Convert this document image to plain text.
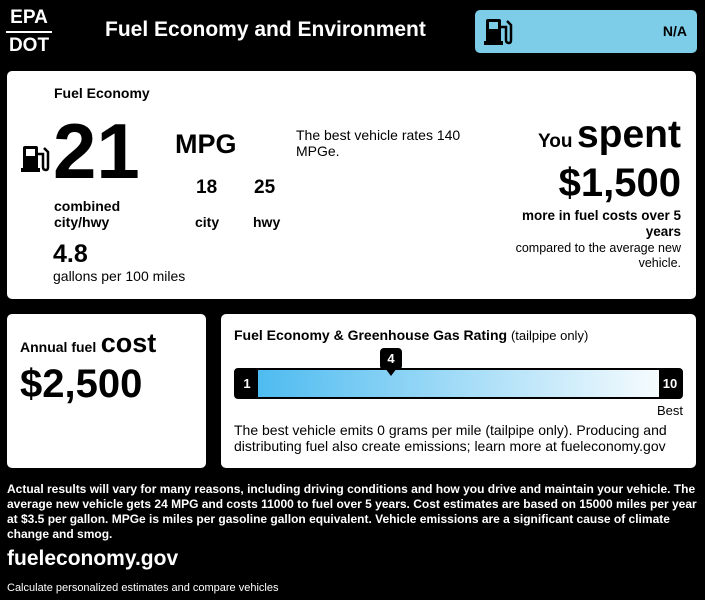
EPA
DOT
Fuel Economy and Environment	N/A
Fuel Economy
21 MPG
18 25
city hwy
combined city/hwy
4.8
gallons per 100 miles
The best vehicle rates 140 MPGe.	You spent
$1,500
more in fuel costs over 5 years
compared to the average new vehicle.
Annual fuel cost
$2,500
Fuel Economy & Greenhouse Gas Rating (tailpipe only)
1	10
4
Best
The best vehicle emits 0 grams per mile (tailpipe only). Producing and distributing fuel also create emissions; learn more at fueleconomy.gov
Actual results will vary for many reasons, including driving conditions and how you drive and maintain your vehicle. The average new vehicle gets 24 MPG and costs 11000 to fuel over 5 years. Cost estimates are based on 15000 miles per year at $3.5 per gallon. MPGe is miles per gasoline gallon equivalent. Vehicle emissions are a significant cause of climate change and smog.
fueleconomy.gov
Calculate personalized estimates and compare vehicles
